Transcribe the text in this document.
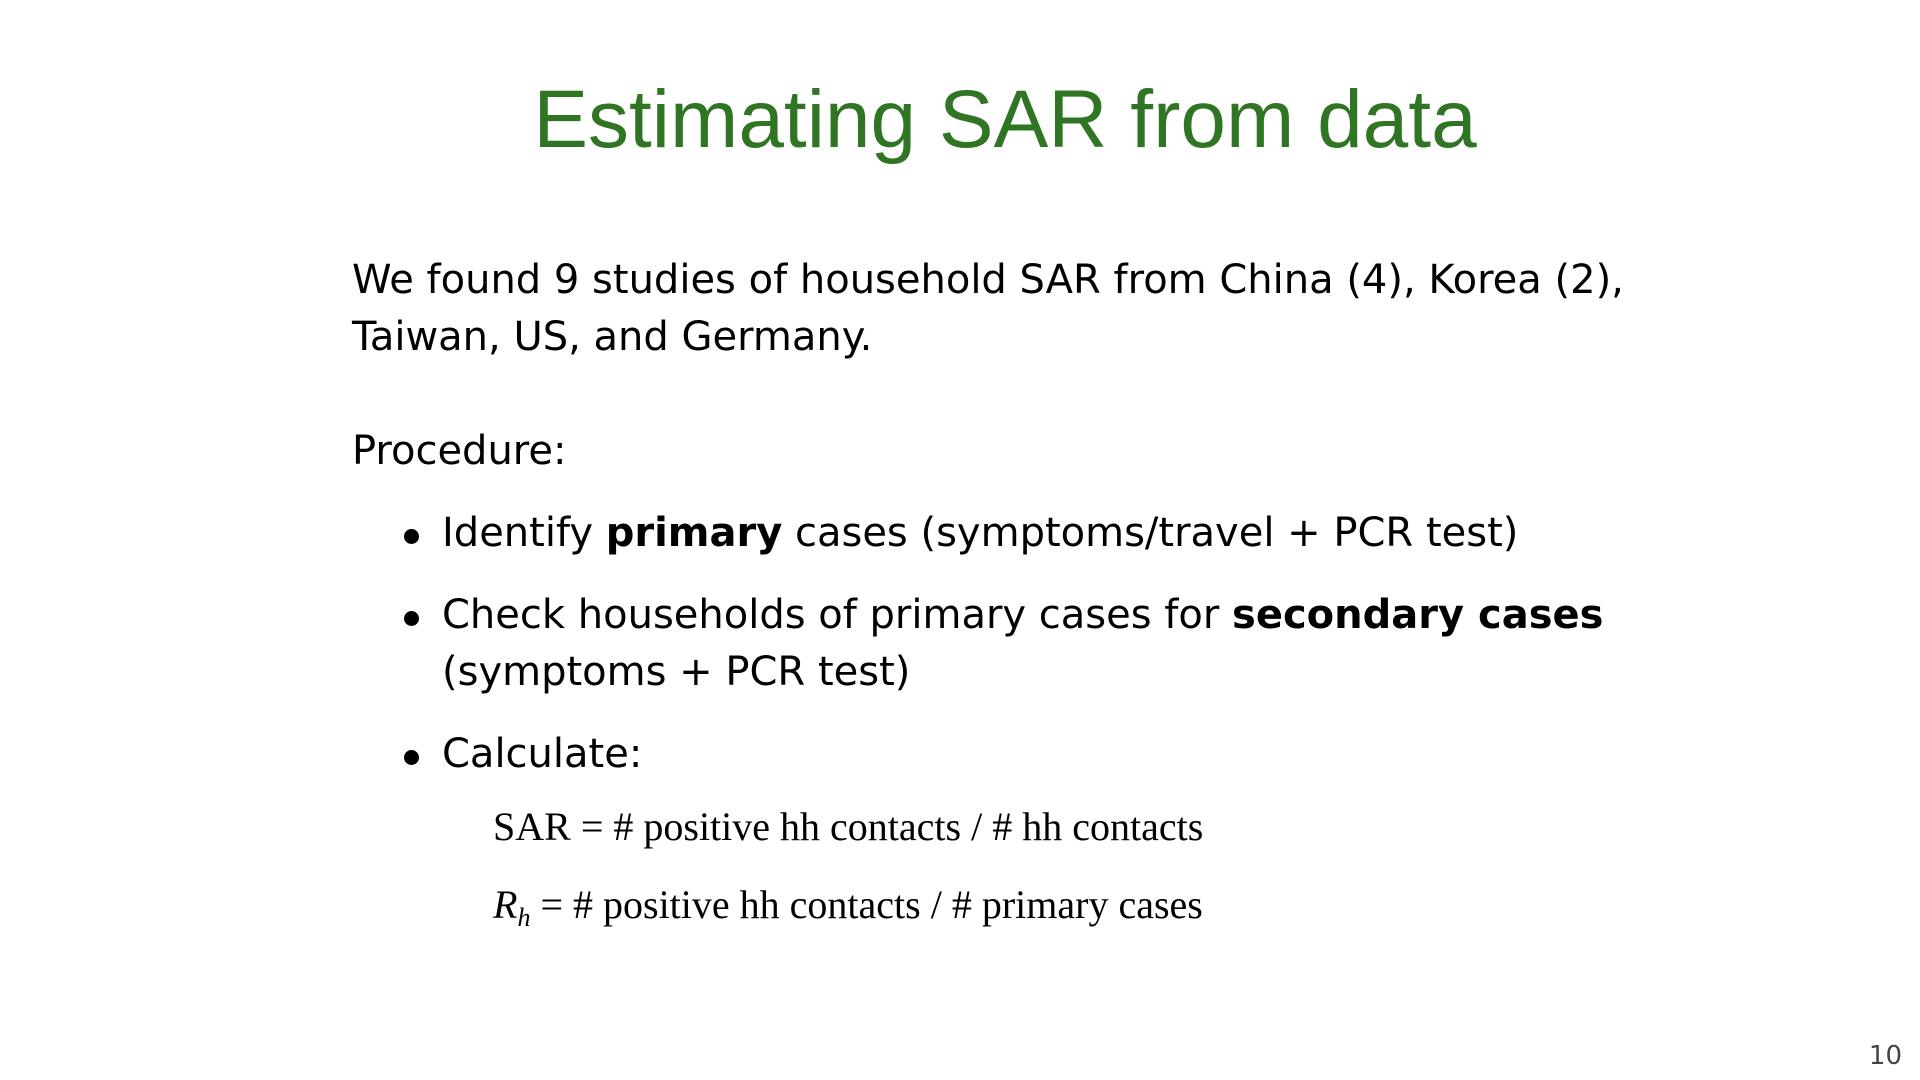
Estimating SAR from data

We found 9 studies of household SAR from China (4), Korea (2),

Taiwan, US, and Germany.

Procedure:

Identify primary cases (symptoms/travel + PCR test)
Check households of primary cases for secondary cases (symptoms + PCR test)
Calculate:

SAR = # positive hh contacts / # hh contacts

$R_h$ = # positive hh contacts / # primary cases

10
